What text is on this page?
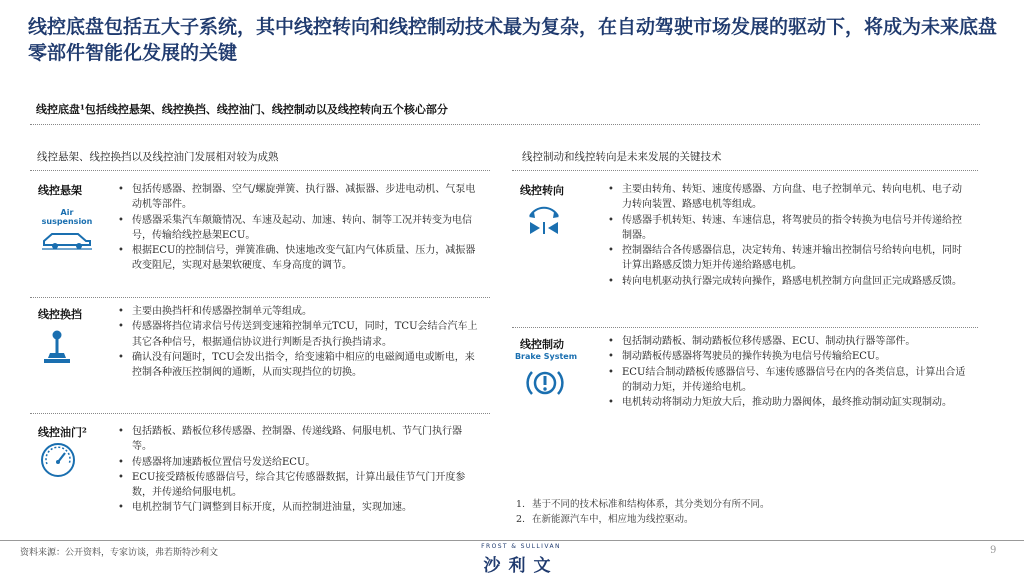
线控底盘包括五大子系统，其中线控转向和线控制动技术最为复杂，在自动驾驶市场发展的驱动下，将成为未来底盘零部件智能化发展的关键
线控底盘¹包括线控悬架、线控换挡、线控油门、线控制动以及线控转向五个核心部分
线控悬架、线控换挡以及线控油门发展相对较为成熟
线控悬架
Air suspension
• 包括传感器、控制器、空气/螺旋弹簧、执行器、减振器、步进电动机、气泵电动机等部件。
• 传感器采集汽车颠簸情况、车速及起动、加速、转向、制等工况并转变为电信号，传输给线控悬架ECU。
• 根据ECU的控制信号，弹簧准确、快速地改变气缸内气体质量、压力，减振器改变阻尼，实现对悬架软硬度、车身高度的调节。
线控换挡	• 主要由换挡杆和传感器控制单元等组成。
• 传感器将挡位请求信号传送到变速箱控制单元TCU，同时，TCU会结合汽车上其它各种信号，根据通信协议进行判断是否执行换挡请求。
• 确认没有问题时，TCU会发出指令，给变速箱中相应的电磁阀通电或断电，来控制各种液压控制阀的通断，从而实现挡位的切换。
线控油门²	• 包括踏板、踏板位移传感器、控制器、传递线路、伺服电机、节气门执行器等。
• 传感器将加速踏板位置信号发送给ECU。
• ECU接受踏板传感器信号，综合其它传感器数据，计算出最佳节气门开度参数，并传递给伺服电机。
• 电机控制节气门调整到目标开度，从而控制进油量，实现加速。
线控制动和线控转向是未来发展的关键技术
线控转向	• 主要由转角、转矩、速度传感器、方向盘、电子控制单元、转向电机、电子动力转向装置、路感电机等组成。
• 传感器手机转矩、转速、车速信息，将驾驶员的指令转换为电信号并传递给控制器。
• 控制器结合各传感器信息，决定转角、转速并输出控制信号给转向电机，同时计算出路感反馈力矩并传递给路感电机。
• 转向电机驱动执行器完成转向操作，路感电机控制方向盘回正完成路感反馈。
线控制动
Brake System
• 包括制动踏板、制动踏板位移传感器、ECU、制动执行器等部件。
• 制动踏板传感器将驾驶员的操作转换为电信号传输给ECU。
• ECU结合制动踏板传感器信号、车速传感器信号在内的各类信息，计算出合适的制动力矩，并传递给电机。
• 电机转动将制动力矩放大后，推动助力器阀体，最终推动制动缸实现制动。
1. 基于不同的技术标准和结构体系，其分类划分有所不同。
2. 在新能源汽车中，相应地为线控驱动。
资料来源：公开资料，专家访谈，弗若斯特沙利文
FROST & SULLIVAN
沙利文
9
